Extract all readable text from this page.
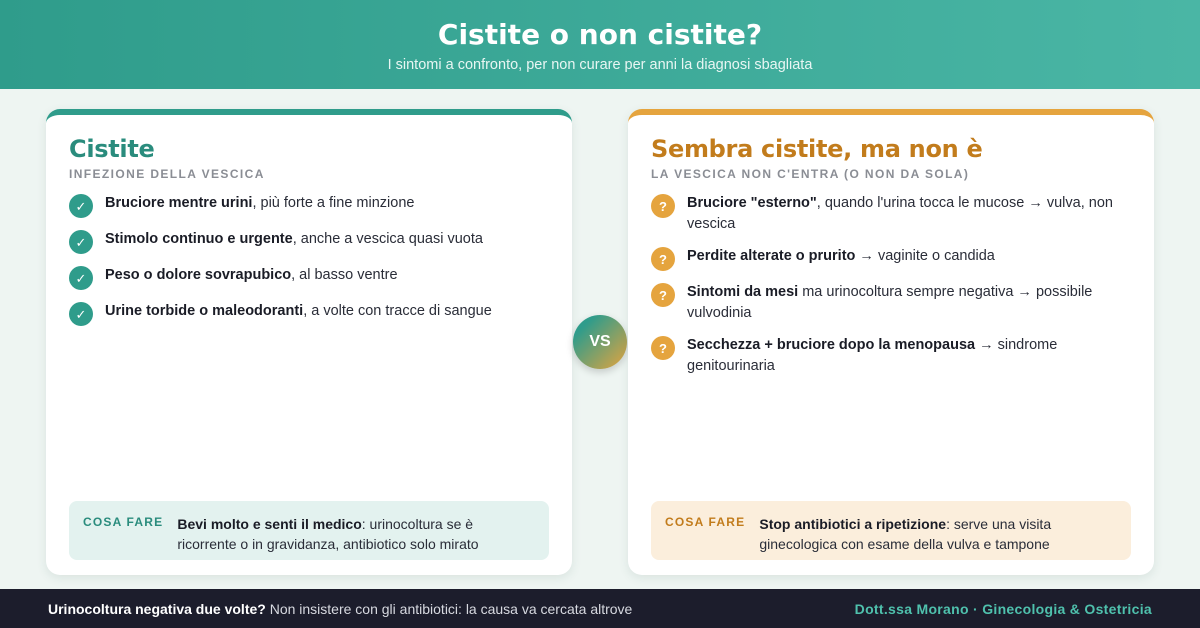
Cistite o non cistite?
I sintomi a confronto, per non curare per anni la diagnosi sbagliata
Cistite
INFEZIONE DELLA VESCICA
✓	Bruciore mentre urini, più forte a fine minzione
✓	Stimolo continuo e urgente, anche a vescica quasi vuota
✓	Peso o dolore sovrapubico, al basso ventre
✓	Urine torbide o maleodoranti, a volte con tracce di sangue
COSA FARE Bevi molto e senti il medico: urinocoltura se è ricorrente o in gravidanza, antibiotico solo mirato
VS
Sembra cistite, ma non è
LA VESCICA NON C'ENTRA (O NON DA SOLA)
?	Bruciore "esterno", quando l'urina tocca le mucose → vulva, non vescica
?	Perdite alterate o prurito → vaginite o candida
?	Sintomi da mesi ma urinocoltura sempre negativa → possibile vulvodinia
?	Secchezza + bruciore dopo la menopausa → sindrome genitourinaria
COSA FARE Stop antibiotici a ripetizione: serve una visita ginecologica con esame della vulva e tampone
Urinocoltura negativa due volte? Non insistere con gli antibiotici: la causa va cercata altrove	Dott.ssa Morano · Ginecologia & Ostetricia
